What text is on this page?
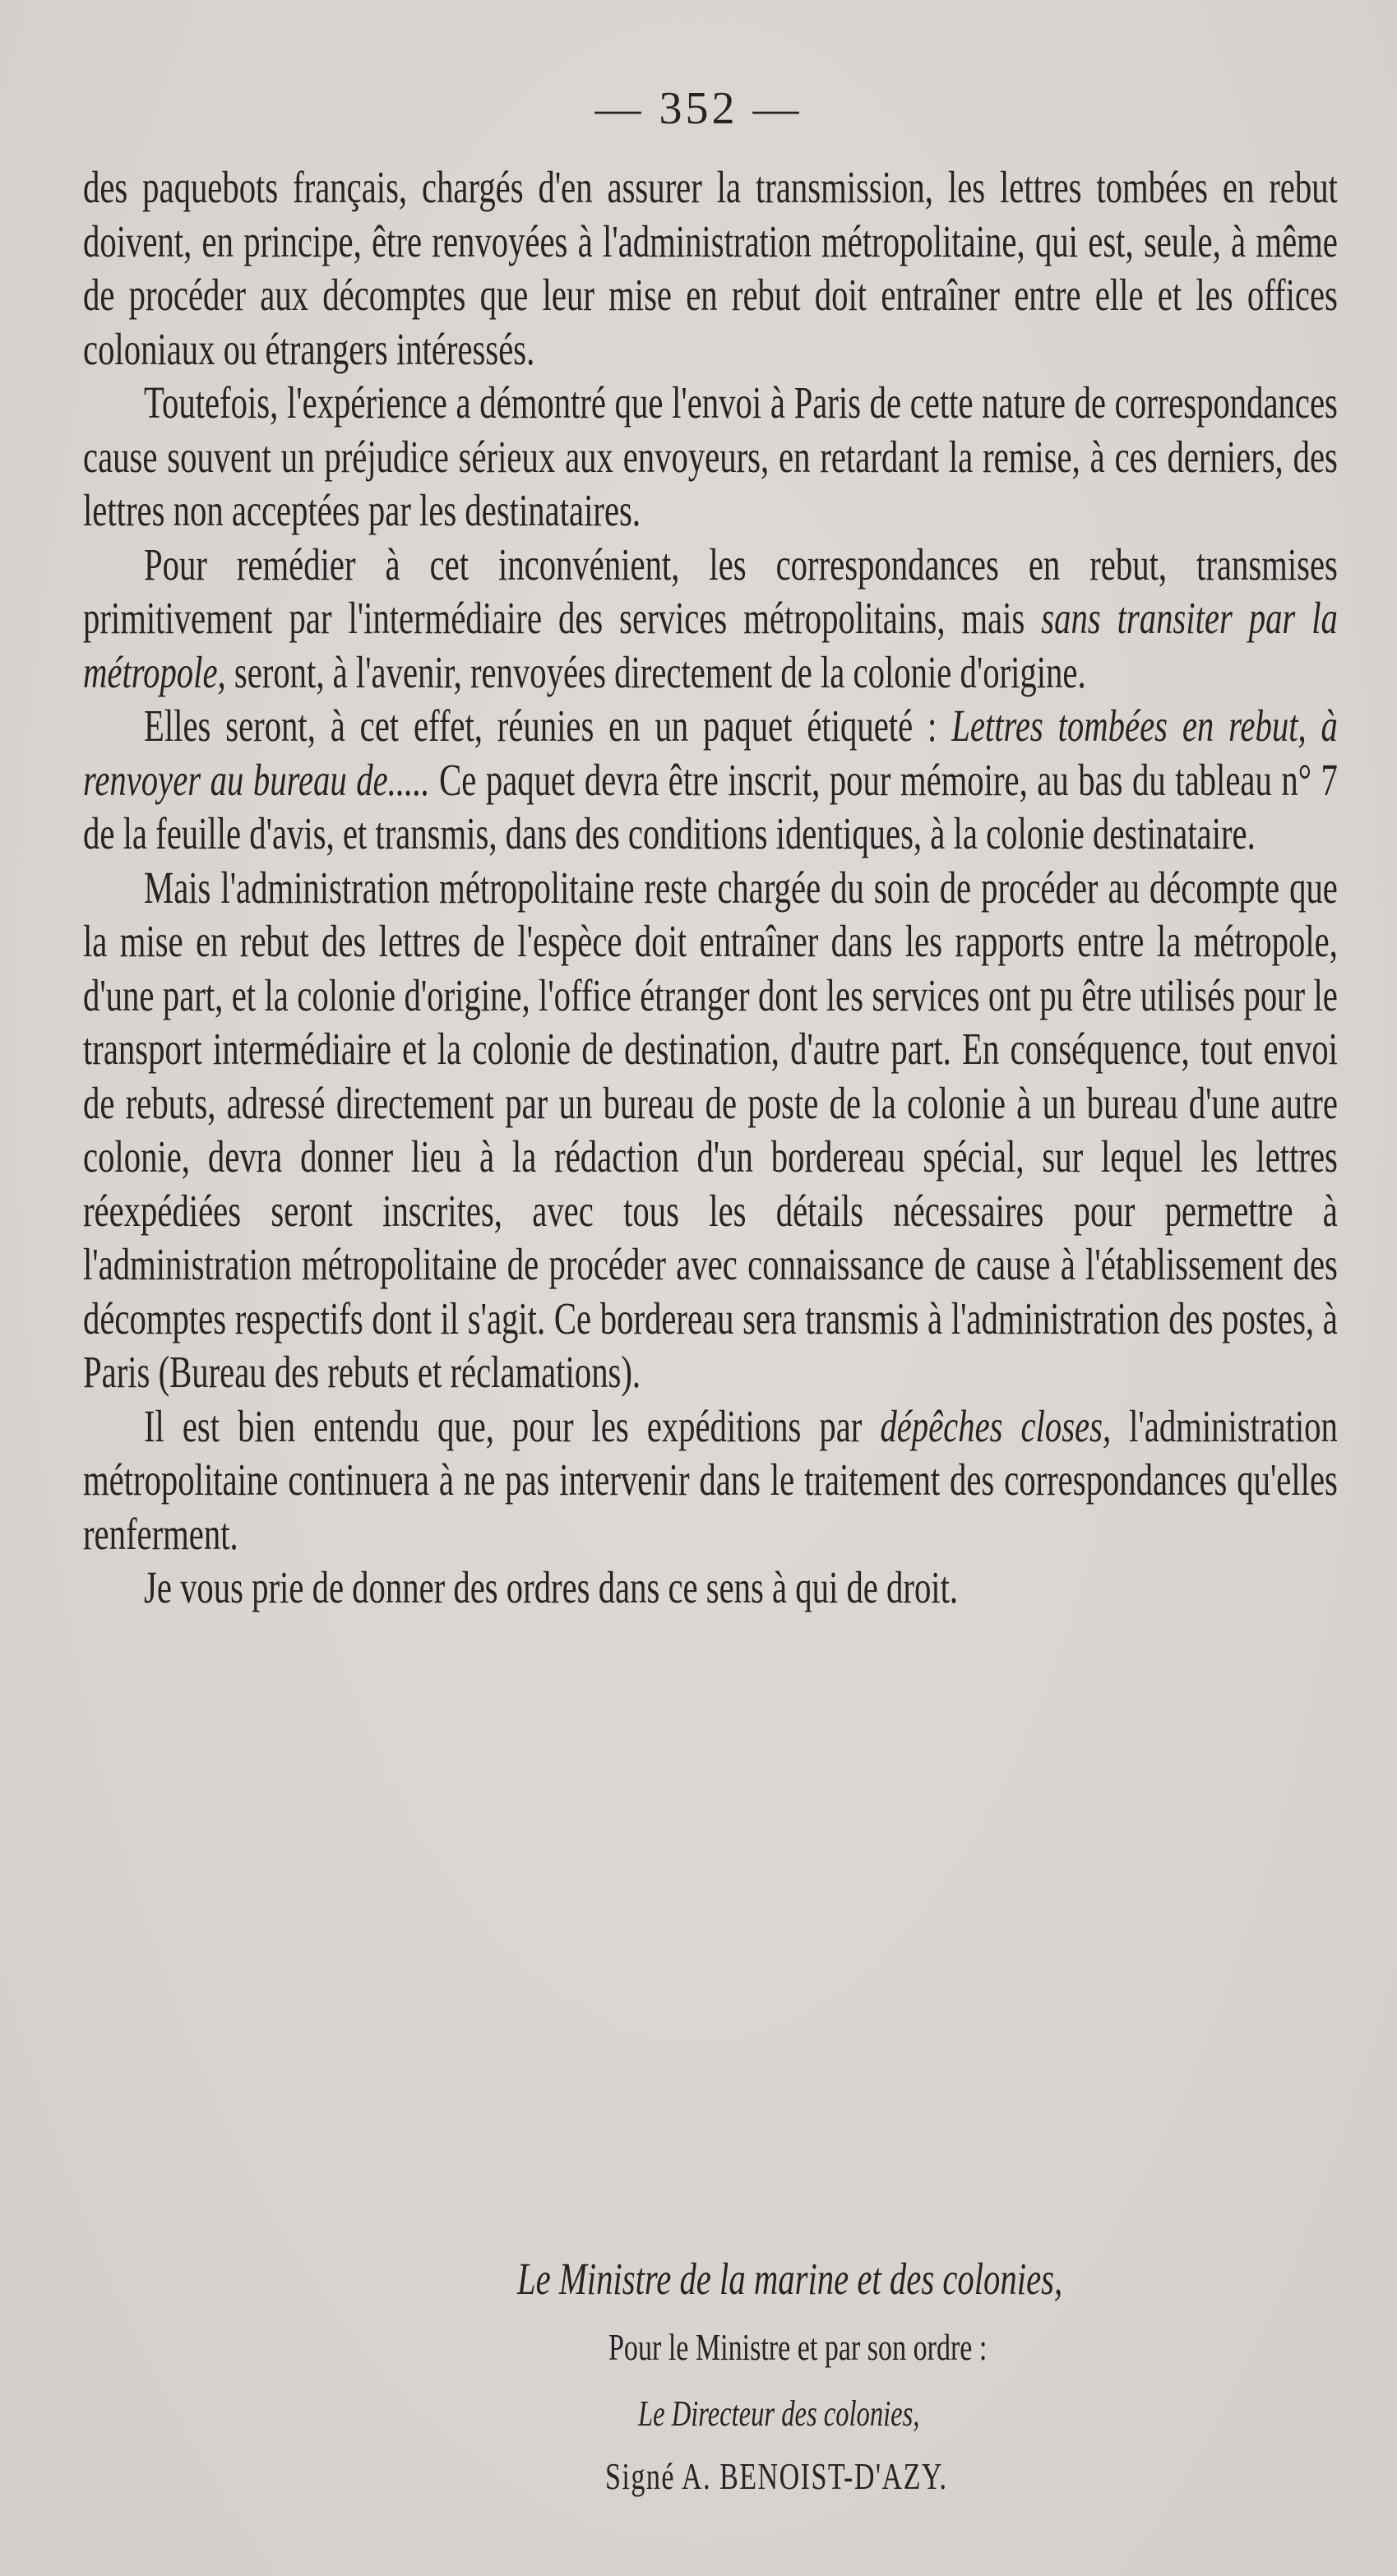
— 352 —

des paquebots français, chargés d'en assurer la transmission, les lettres tombées en rebut doivent, en principe, être renvoyées à l'administration métropolitaine, qui est, seule, à même de procéder aux décomptes que leur mise en rebut doit entraîner entre elle et les offices coloniaux ou étrangers intéressés.

Toutefois, l'expérience a démontré que l'envoi à Paris de cette nature de correspondances cause souvent un préjudice sérieux aux envoyeurs, en retardant la remise, à ces derniers, des lettres non acceptées par les destinataires.

Pour remédier à cet inconvénient, les correspondances en rebut, transmises primitivement par l'intermédiaire des services métropolitains, mais sans transiter par la métropole, seront, à l'avenir, renvoyées directement de la colonie d'origine.

Elles seront, à cet effet, réunies en un paquet étiqueté : Lettres tombées en rebut, à renvoyer au bureau de..... Ce paquet devra être inscrit, pour mémoire, au bas du tableau n° 7 de la feuille d'avis, et transmis, dans des conditions identiques, à la colonie destinataire.

Mais l'administration métropolitaine reste chargée du soin de procéder au décompte que la mise en rebut des lettres de l'espèce doit entraîner dans les rapports entre la métropole, d'une part, et la colonie d'origine, l'office étranger dont les services ont pu être utilisés pour le transport intermédiaire et la colonie de destination, d'autre part. En conséquence, tout envoi de rebuts, adressé directement par un bureau de poste de la colonie à un bureau d'une autre colonie, devra donner lieu à la rédaction d'un bordereau spécial, sur lequel les lettres réexpédiées seront inscrites, avec tous les détails nécessaires pour permettre à l'administration métropolitaine de procéder avec connaissance de cause à l'établissement des décomptes respectifs dont il s'agit. Ce bordereau sera transmis à l'administration des postes, à Paris (Bureau des rebuts et réclamations).

Il est bien entendu que, pour les expéditions par dépêches closes, l'administration métropolitaine continuera à ne pas intervenir dans le traitement des correspondances qu'elles renferment.

Je vous prie de donner des ordres dans ce sens à qui de droit.

Le Ministre de la marine et des colonies,
Pour le Ministre et par son ordre :
Le Directeur des colonies,
Signé A. BENOIST-D'AZY.
